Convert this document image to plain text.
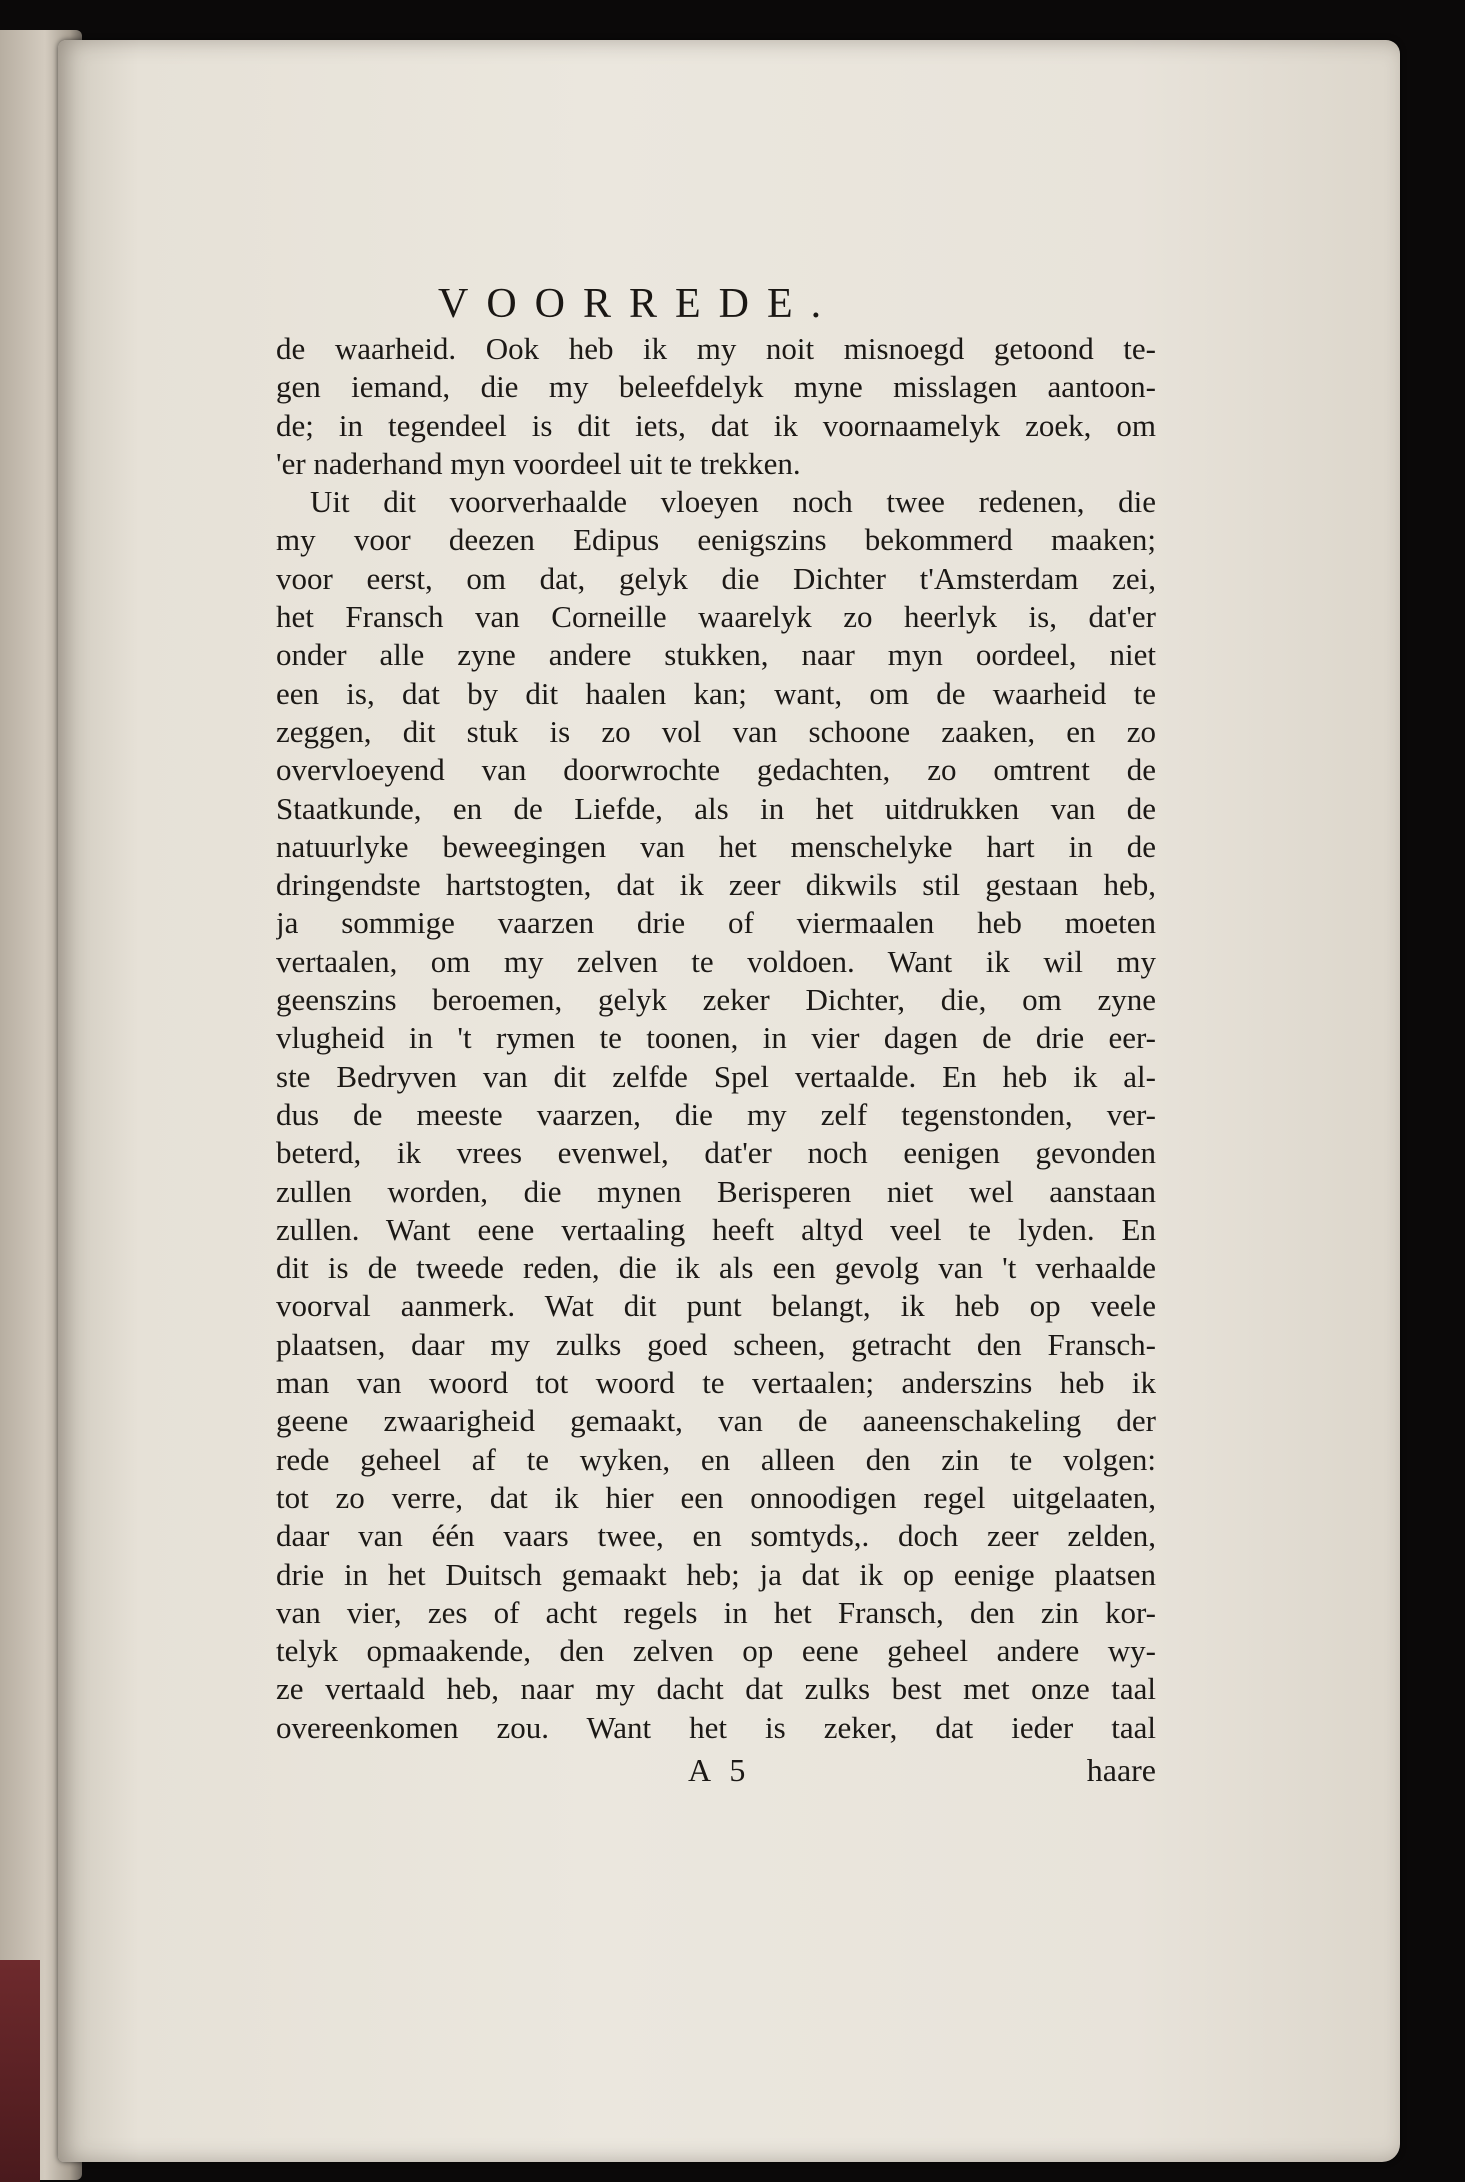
VOORREDE.
de waarheid. Ook heb ik my noit misnoegd getoond te-
gen iemand, die my beleefdelyk myne misslagen aantoon-
de; in tegendeel is dit iets, dat ik voornaamelyk zoek, om
'er naderhand myn voordeel uit te trekken.
Uit dit voorverhaalde vloeyen noch twee redenen, die
my voor deezen Edipus eenigszins bekommerd maaken;
voor eerst, om dat, gelyk die Dichter t'Amsterdam zei,
het Fransch van Corneille waarelyk zo heerlyk is, dat'er
onder alle zyne andere stukken, naar myn oordeel, niet
een is, dat by dit haalen kan; want, om de waarheid te
zeggen, dit stuk is zo vol van schoone zaaken, en zo
overvloeyend van doorwrochte gedachten, zo omtrent de
Staatkunde, en de Liefde, als in het uitdrukken van de
natuurlyke beweegingen van het menschelyke hart in de
dringendste hartstogten, dat ik zeer dikwils stil gestaan heb,
ja sommige vaarzen drie of viermaalen heb moeten
vertaalen, om my zelven te voldoen. Want ik wil my
geenszins beroemen, gelyk zeker Dichter, die, om zyne
vlugheid in 't rymen te toonen, in vier dagen de drie eer-
ste Bedryven van dit zelfde Spel vertaalde. En heb ik al-
dus de meeste vaarzen, die my zelf tegenstonden, ver-
beterd, ik vrees evenwel, dat'er noch eenigen gevonden
zullen worden, die mynen Berisperen niet wel aanstaan
zullen. Want eene vertaaling heeft altyd veel te lyden. En
dit is de tweede reden, die ik als een gevolg van 't verhaalde
voorval aanmerk. Wat dit punt belangt, ik heb op veele
plaatsen, daar my zulks goed scheen, getracht den Fransch-
man van woord tot woord te vertaalen; anderszins heb ik
geene zwaarigheid gemaakt, van de aaneenschakeling der
rede geheel af te wyken, en alleen den zin te volgen:
tot zo verre, dat ik hier een onnoodigen regel uitgelaaten,
daar van één vaars twee, en somtyds,. doch zeer zelden,
drie in het Duitsch gemaakt heb; ja dat ik op eenige plaatsen
van vier, zes of acht regels in het Fransch, den zin kor-
telyk opmaakende, den zelven op eene geheel andere wy-
ze vertaald heb, naar my dacht dat zulks best met onze taal
overeenkomen zou. Want het is zeker, dat ieder taal
A 5	haare
